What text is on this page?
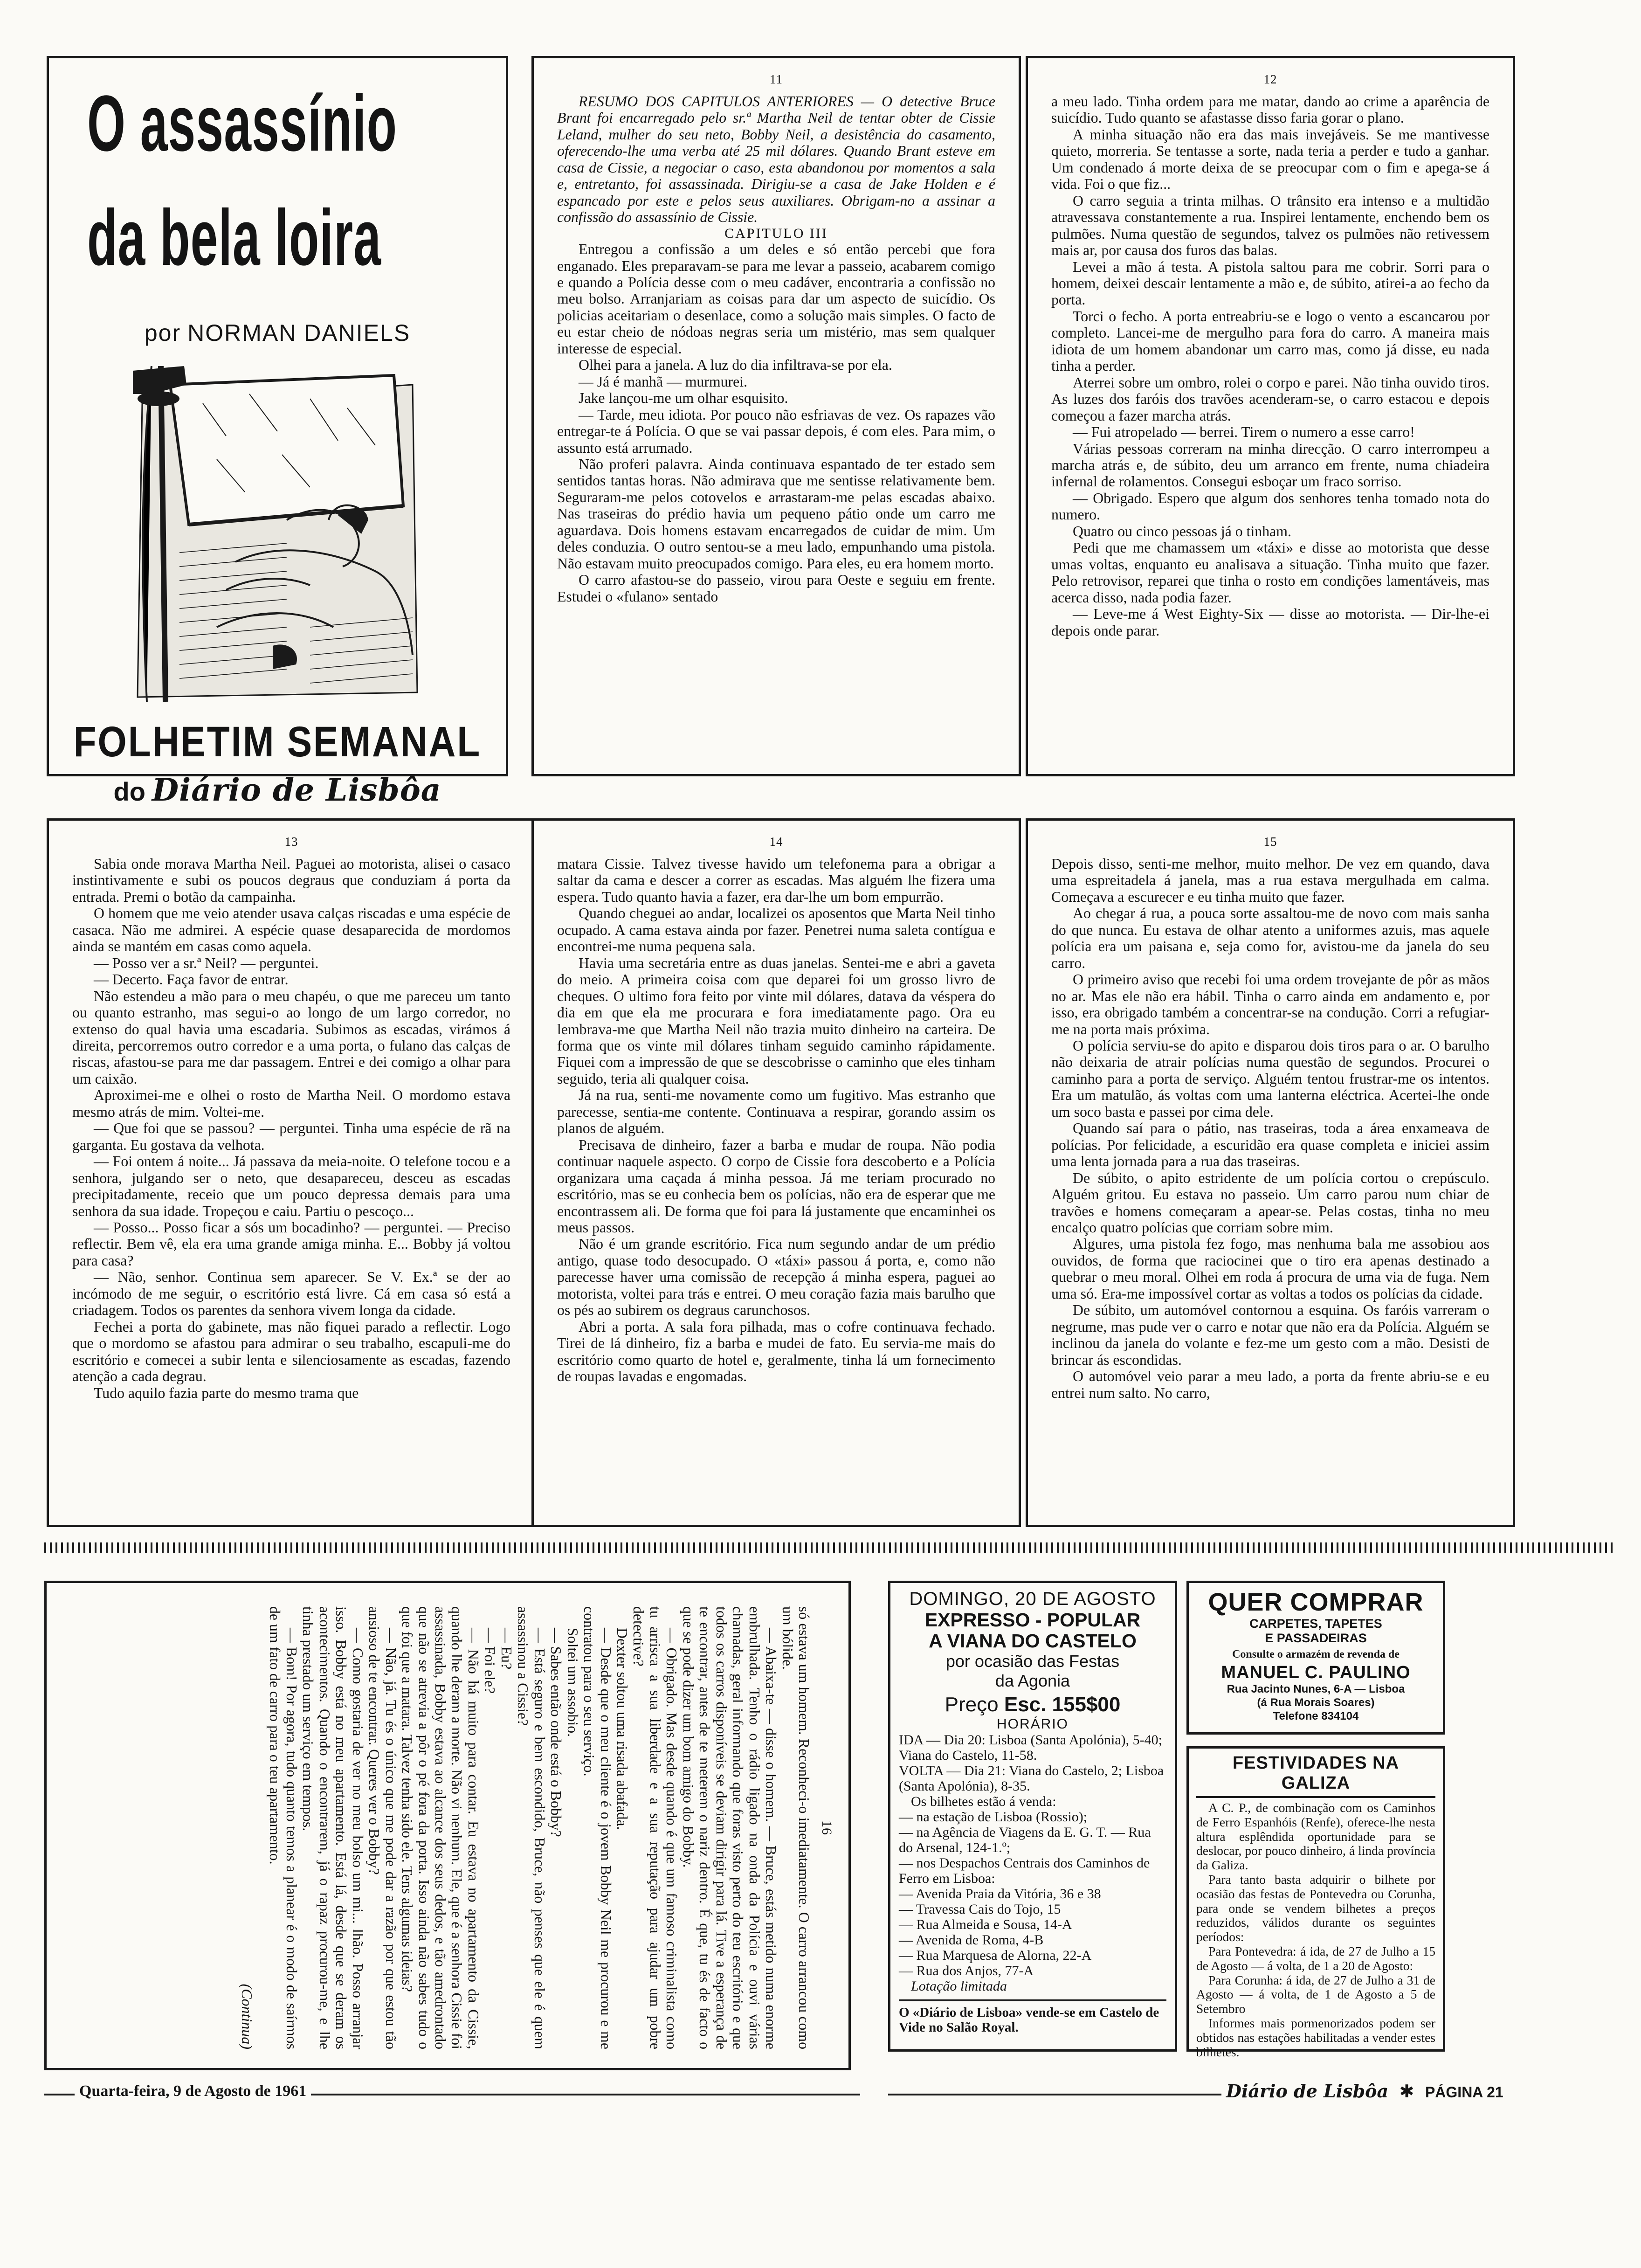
O assassínio
da bela loira
por NORMAN DANIELS
FOLHETIM SEMANAL
do Diário de Lisbôa
11

RESUMO DOS CAPITULOS ANTERIORES — O detective Bruce Brant foi encarregado pelo sr.ª Martha Neil de tentar obter de Cissie Leland, mulher do seu neto, Bobby Neil, a desistência do casamento, oferecendo-lhe uma verba até 25 mil dólares. Quando Brant esteve em casa de Cissie, a negociar o caso, esta abandonou por momentos a sala e, entretanto, foi assassinada. Dirigiu-se a casa de Jake Holden e é espancado por este e pelos seus auxiliares. Obrigam-no a assinar a confissão do assassínio de Cissie.

CAPITULO III

Entregou a confissão a um deles e só então percebi que fora enganado. Eles preparavam-se para me levar a passeio, acabarem comigo e quando a Polícia desse com o meu cadáver, encontraria a confissão no meu bolso. Arranjariam as coisas para dar um aspecto de suicídio. Os policias aceitariam o desenlace, como a solução mais simples. O facto de eu estar cheio de nódoas negras seria um mistério, mas sem qualquer interesse de especial.

Olhei para a janela. A luz do dia infiltrava-se por ela.

— Já é manhã — murmurei.

Jake lançou-me um olhar esquisito.

— Tarde, meu idiota. Por pouco não esfriavas de vez. Os rapazes vão entregar-te á Polícia. O que se vai passar depois, é com eles. Para mim, o assunto está arrumado.

Não proferi palavra. Ainda continuava espantado de ter estado sem sentidos tantas horas. Não admirava que me sentisse relativamente bem. Seguraram-me pelos cotovelos e arrastaram-me pelas escadas abaixo. Nas traseiras do prédio havia um pequeno pátio onde um carro me aguardava. Dois homens estavam encarregados de cuidar de mim. Um deles conduzia. O outro sentou-se a meu lado, empunhando uma pistola. Não estavam muito preocupados comigo. Para eles, eu era homem morto.

O carro afastou-se do passeio, virou para Oeste e seguiu em frente. Estudei o «fulano» sentado

12

a meu lado. Tinha ordem para me matar, dando ao crime a aparência de suicídio. Tudo quanto se afastasse disso faria gorar o plano.

A minha situação não era das mais invejáveis. Se me mantivesse quieto, morreria. Se tentasse a sorte, nada teria a perder e tudo a ganhar. Um condenado á morte deixa de se preocupar com o fim e apega-se á vida. Foi o que fiz...

O carro seguia a trinta milhas. O trânsito era intenso e a multidão atravessava constantemente a rua. Inspirei lentamente, enchendo bem os pulmões. Numa questão de segundos, talvez os pulmões não retivessem mais ar, por causa dos furos das balas.

Levei a mão á testa. A pistola saltou para me cobrir. Sorri para o homem, deixei descair lentamente a mão e, de súbito, atirei-a ao fecho da porta.

Torci o fecho. A porta entreabriu-se e logo o vento a escancarou por completo. Lancei-me de mergulho para fora do carro. A maneira mais idiota de um homem abandonar um carro mas, como já disse, eu nada tinha a perder.

Aterrei sobre um ombro, rolei o corpo e parei. Não tinha ouvido tiros. As luzes dos faróis dos travões acenderam-se, o carro estacou e depois começou a fazer marcha atrás.

— Fui atropelado — berrei. Tirem o numero a esse carro!

Várias pessoas correram na minha direcção. O carro interrompeu a marcha atrás e, de súbito, deu um arranco em frente, numa chiadeira infernal de rolamentos. Consegui esboçar um fraco sorriso.

— Obrigado. Espero que algum dos senhores tenha tomado nota do numero.

Quatro ou cinco pessoas já o tinham.

Pedi que me chamassem um «táxi» e disse ao motorista que desse umas voltas, enquanto eu analisava a situação. Tinha muito que fazer. Pelo retrovisor, reparei que tinha o rosto em condições lamentáveis, mas acerca disso, nada podia fazer.

— Leve-me á West Eighty-Six — disse ao motorista. — Dir-lhe-ei depois onde parar.

13

Sabia onde morava Martha Neil. Paguei ao motorista, alisei o casaco instintivamente e subi os poucos degraus que conduziam á porta da entrada. Premi o botão da campainha.

O homem que me veio atender usava calças riscadas e uma espécie de casaca. Não me admirei. A espécie quase desaparecida de mordomos ainda se mantém em casas como aquela.

— Posso ver a sr.ª Neil? — perguntei.

— Decerto. Faça favor de entrar.

Não estendeu a mão para o meu chapéu, o que me pareceu um tanto ou quanto estranho, mas segui-o ao longo de um largo corredor, no extenso do qual havia uma escadaria. Subimos as escadas, virámos á direita, percorremos outro corredor e a uma porta, o fulano das calças de riscas, afastou-se para me dar passagem. Entrei e dei comigo a olhar para um caixão.

Aproximei-me e olhei o rosto de Martha Neil. O mordomo estava mesmo atrás de mim. Voltei-me.

— Que foi que se passou? — perguntei. Tinha uma espécie de rã na garganta. Eu gostava da velhota.

— Foi ontem á noite... Já passava da meia-noite. O telefone tocou e a senhora, julgando ser o neto, que desapareceu, desceu as escadas precipitadamente, receio que um pouco depressa demais para uma senhora da sua idade. Tropeçou e caiu. Partiu o pescoço...

— Posso... Posso ficar a sós um bocadinho? — perguntei. — Preciso reflectir. Bem vê, ela era uma grande amiga minha. E... Bobby já voltou para casa?

— Não, senhor. Continua sem aparecer. Se V. Ex.ª se der ao incómodo de me seguir, o escritório está livre. Cá em casa só está a criadagem. Todos os parentes da senhora vivem longa da cidade.

Fechei a porta do gabinete, mas não fiquei parado a reflectir. Logo que o mordomo se afastou para admirar o seu trabalho, escapuli-me do escritório e comecei a subir lenta e silenciosamente as escadas, fazendo atenção a cada degrau.

Tudo aquilo fazia parte do mesmo trama que

14

matara Cissie. Talvez tivesse havido um telefonema para a obrigar a saltar da cama e descer a correr as escadas. Mas alguém lhe fizera uma espera. Tudo quanto havia a fazer, era dar-lhe um bom empurrão.

Quando cheguei ao andar, localizei os aposentos que Marta Neil tinho ocupado. A cama estava ainda por fazer. Penetrei numa saleta contígua e encontrei-me numa pequena sala.

Havia uma secretária entre as duas janelas. Sentei-me e abri a gaveta do meio. A primeira coisa com que deparei foi um grosso livro de cheques. O ultimo fora feito por vinte mil dólares, datava da véspera do dia em que ela me procurara e fora imediatamente pago. Ora eu lembrava-me que Martha Neil não trazia muito dinheiro na carteira. De forma que os vinte mil dólares tinham seguido caminho rápidamente. Fiquei com a impressão de que se descobrisse o caminho que eles tinham seguido, teria ali qualquer coisa.

Já na rua, senti-me novamente como um fugitivo. Mas estranho que parecesse, sentia-me contente. Continuava a respirar, gorando assim os planos de alguém.

Precisava de dinheiro, fazer a barba e mudar de roupa. Não podia continuar naquele aspecto. O corpo de Cissie fora descoberto e a Polícia organizara uma caçada á minha pessoa. Já me teriam procurado no escritório, mas se eu conhecia bem os polícias, não era de esperar que me encontrassem ali. De forma que foi para lá justamente que encaminhei os meus passos.

Não é um grande escritório. Fica num segundo andar de um prédio antigo, quase todo desocupado. O «táxi» passou á porta, e, como não parecesse haver uma comissão de recepção á minha espera, paguei ao motorista, voltei para trás e entrei. O meu coração fazia mais barulho que os pés ao subirem os degraus carunchosos.

Abri a porta. A sala fora pilhada, mas o cofre continuava fechado. Tirei de lá dinheiro, fiz a barba e mudei de fato. Eu servia-me mais do escritório como quarto de hotel e, geralmente, tinha lá um fornecimento de roupas lavadas e engomadas.

15

Depois disso, senti-me melhor, muito melhor. De vez em quando, dava uma espreitadela á janela, mas a rua estava mergulhada em calma. Começava a escurecer e eu tinha muito que fazer.

Ao chegar á rua, a pouca sorte assaltou-me de novo com mais sanha do que nunca. Eu estava de olhar atento a uniformes azuis, mas aquele polícia era um paisana e, seja como for, avistou-me da janela do seu carro.

O primeiro aviso que recebi foi uma ordem trovejante de pôr as mãos no ar. Mas ele não era hábil. Tinha o carro ainda em andamento e, por isso, era obrigado também a concentrar-se na condução. Corri a refugiar-me na porta mais próxima.

O polícia serviu-se do apito e disparou dois tiros para o ar. O barulho não deixaria de atrair polícias numa questão de segundos. Procurei o caminho para a porta de serviço. Alguém tentou frustrar-me os intentos. Era um matulão, ás voltas com uma lanterna eléctrica. Acertei-lhe onde um soco basta e passei por cima dele.

Quando saí para o pátio, nas traseiras, toda a área enxameava de polícias. Por felicidade, a escuridão era quase completa e iniciei assim uma lenta jornada para a rua das traseiras.

De súbito, o apito estridente de um polícia cortou o crepúsculo. Alguém gritou. Eu estava no passeio. Um carro parou num chiar de travões e homens começaram a apear-se. Pelas costas, tinha no meu encalço quatro polícias que corriam sobre mim.

Algures, uma pistola fez fogo, mas nenhuma bala me assobiou aos ouvidos, de forma que raciocinei que o tiro era apenas destinado a quebrar o meu moral. Olhei em roda á procura de uma via de fuga. Nem uma só. Era-me impossível cortar as voltas a todos os polícias da cidade.

De súbito, um automóvel contornou a esquina. Os faróis varreram o negrume, mas pude ver o carro e notar que não era da Polícia. Alguém se inclinou da janela do volante e fez-me um gesto com a mão. Desisti de brincar ás escondidas.

O automóvel veio parar a meu lado, a porta da frente abriu-se e eu entrei num salto. No carro,

16

só estava um homem. Reconheci-o imediatamente. O carro arrancou como um bólide.

— Abaixa-te — disse o homem. — Bruce, estás metido numa enorme embrulhada. Tenho o rádio ligado na onda da Polícia e ouvi várias chamadas, geral informando que foras visto perto do teu escritório e que todos os carros disponíveis se deviam dirigir para lá. Tive a esperança de te encontrar, antes de te meterem o nariz dentro. É que, tu és de facto o que se pode dizer um bom amigo do Bobby.

— Obrigado. Mas desde quando é que um famoso criminalista como tu arrisca a sua liberdade e a sua reputação para ajudar um pobre detective?

Dexter soltou uma risada abafada.

— Desde que o meu cliente é o jovem Bobby Neil me procurou e me contratou para o seu serviço.

Soltei um assobio.

— Sabes então onde está o Bobby?

— Está seguro e bem escondido, Bruce, não penses que ele é quem assassinou a Cissie?

— Eu?

— Foi ele?

— Não há muito para contar. Eu estava no apartamento da Cissie, quando lhe deram a morte. Não vi nenhum. Ele, que é a senhora Cissie foi assassinada, Bobby estava ao alcance dos seus dedos, e tão amedrontado que não se atrevia a pôr o pé fora da porta. Isso ainda não sabes tudo o que foi que a matara. Talvez tenha sido ele. Tens algumas ideias?

— Não, já. Tu és o único que me pode dar a razão por que estou tão ansioso de te encontrar. Queres ver o Bobby?

— Como gostaria de ver no meu bolso um mi... lhão. Posso arranjar isso. Bobby está no meu apartamento. Está lá, desde que se deram os acontecimentos. Quando o encontrarem, já o rapaz procurou-me, e lhe tinha prestado um serviço em tempos.

— Bom! Por agora, tudo quanto temos a planear é o modo de saírmos de um fato de carro para o teu apartamento.

(Continua)
DOMINGO, 20 DE AGOSTO
EXPRESSO - POPULAR
A VIANA DO CASTELO
por ocasião das Festas
da Agonia
Preço Esc. 155$00
HORÁRIO

IDA — Dia 20: Lisboa (Santa Apolónia), 5-40; Viana do Castelo, 11-58.

VOLTA — Dia 21: Viana do Castelo, 2; Lisboa (Santa Apolónia), 8-35.

Os bilhetes estão á venda:

— na estação de Lisboa (Rossio);

— na Agência de Viagens da E. G. T. — Rua do Arsenal, 124-1.º;

— nos Despachos Centrais dos Caminhos de Ferro em Lisboa:

— Avenida Praia da Vitória, 36 e 38

— Travessa Cais do Tojo, 15

— Rua Almeida e Sousa, 14-A

— Avenida de Roma, 4-B

— Rua Marquesa de Alorna, 22-A

— Rua dos Anjos, 77-A

Lotação limitada

O «Diário de Lisboa» vende-se em Castelo de Vide no Salão Royal.
QUER COMPRAR
CARPETES, TAPETES
E PASSADEIRAS
Consulte o armazém de revenda de
MANUEL C. PAULINO
Rua Jacinto Nunes, 6-A — Lisboa
(á Rua Morais Soares)
Telefone 834104
FESTIVIDADES NA GALIZA

A C. P., de combinação com os Caminhos de Ferro Espanhóis (Renfe), oferece-lhe nesta altura esplêndida oportunidade para se deslocar, por pouco dinheiro, á linda província da Galiza.

Para tanto basta adquirir o bilhete por ocasião das festas de Pontevedra ou Corunha, para onde se vendem bilhetes a preços reduzidos, válidos durante os seguintes períodos:

Para Pontevedra: á ida, de 27 de Julho a 15 de Agosto — á volta, de 1 a 20 de Agosto:

Para Corunha: á ida, de 27 de Julho a 31 de Agosto — á volta, de 1 de Agosto a 5 de Setembro

Informes mais pormenorizados podem ser obtidos nas estações habilitadas a vender estes bilhetes.

Quarta-feira, 9 de Agosto de 1961	Diário de Lisbôa ✱ PÁGINA 21
